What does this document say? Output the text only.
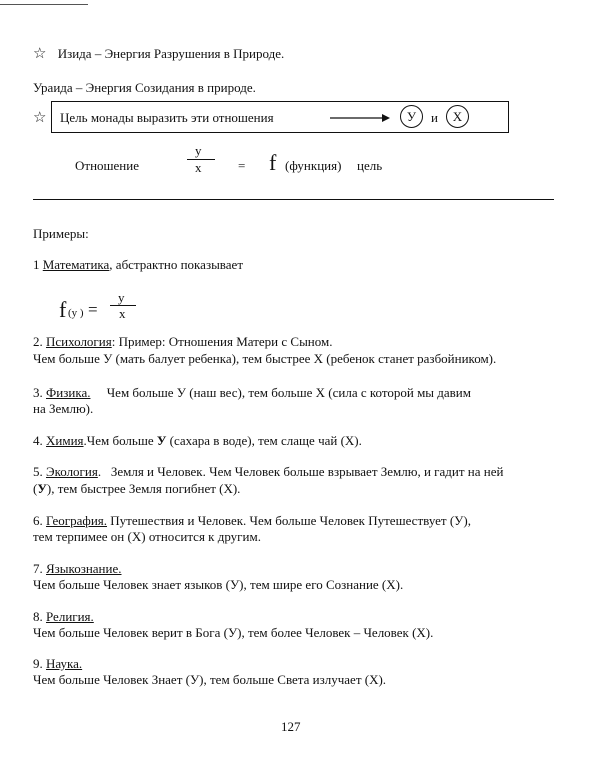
☆ Изида – Энергия Разрушения в Природе.
Ураида – Энергия Созидания в природе.
☆ Цель монады выразить эти отношения	У	и	Х
Отношение
у
х	= f (функция) цель
Примеры:
1 Математика, абстрактно показывает
f (у ) =
у
х
2. Психология: Пример: Отношения Матери с Сыном.
Чем больше У (мать балует ребенка), тем быстрее Х (ребенок станет разбойником).
3. Физика.     Чем больше У (наш вес), тем больше Х (сила с которой мы давим
на Землю).
4. Химия.Чем больше У (сахара в воде), тем слаще чай (Х).
5. Экология.   Земля и Человек. Чем Человек больше взрывает Землю, и гадит на ней
(У), тем быстрее Земля погибнет (Х).
6. География. Путешествия и Человек. Чем больше Человек Путешествует (У),
тем терпимее он (Х) относится к другим.
7. Языкознание.
Чем больше Человек знает языков (У), тем шире его Сознание (Х).
8. Религия.
Чем больше Человек верит в Бога (У), тем более Человек – Человек (Х).
9. Наука.
Чем больше Человек Знает (У), тем больше Света излучает (Х).
127
